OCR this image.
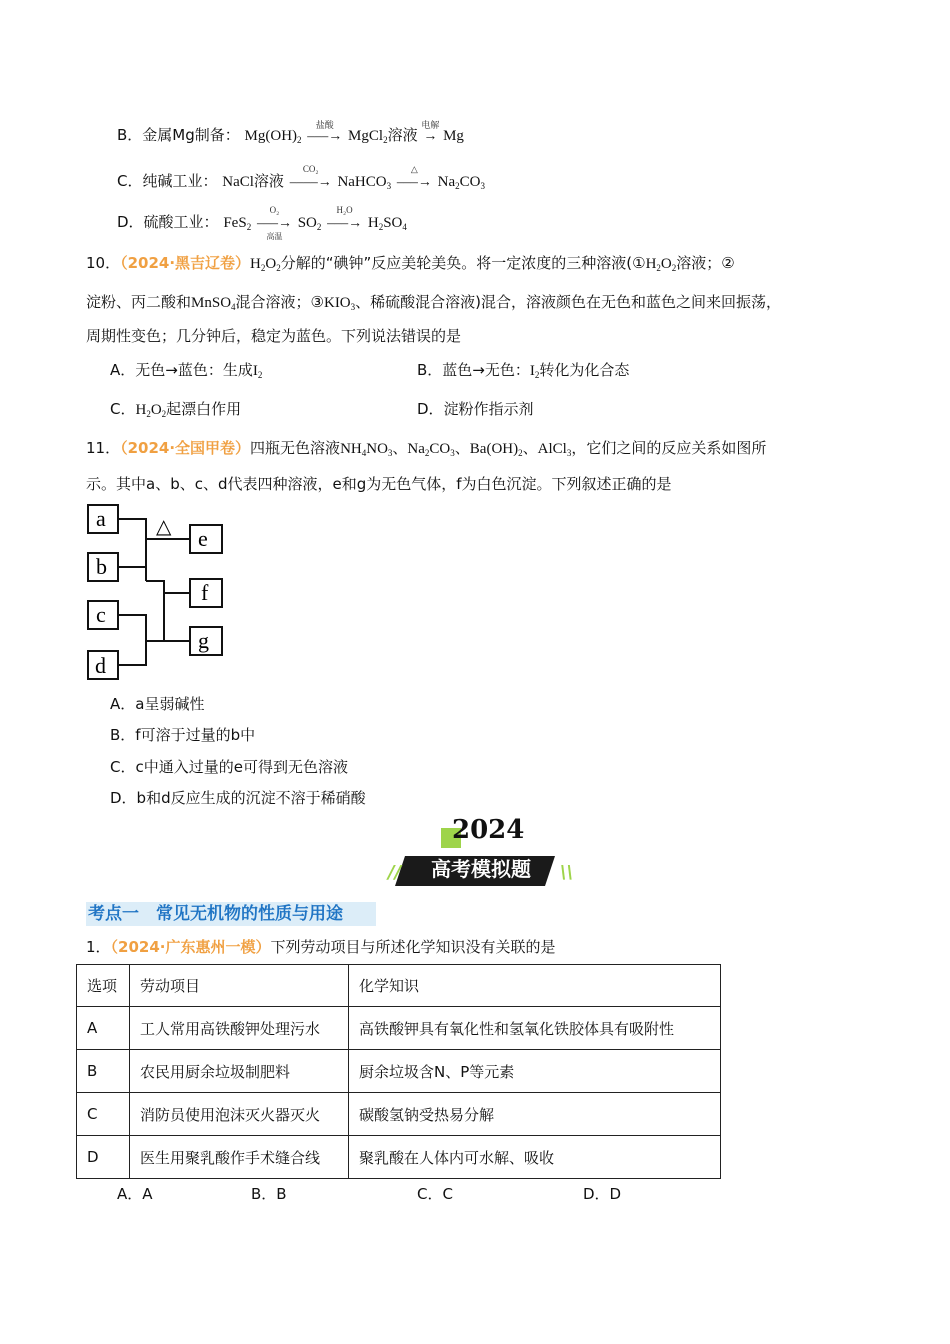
B．金属Mg制备： $Mg(OH)_2$
盐酸
–––→ MgCl$_2$溶液
电解
→ Mg
C．纯碱工业： NaCl溶液
CO₂
––––→ NaHCO$_3$
△
–––→ $Na_2CO_3$
D．硫酸工业： FeS$_2$
O₂
高温
–––→ $SO_2$
H₂O
–––→ $H_2SO_4$
10．（2024·黑吉辽卷）$H_2O_2$分解的“碘钟”反应美轮美奂。将一定浓度的三种溶液($①H_2O_2$溶液；②
淀粉、丙二酸和MnSO$_4$混合溶液；$③KIO_3$、稀硫酸混合溶液)混合，溶液颜色在无色和蓝色之间来回振荡，
周期性变色；几分钟后，稳定为蓝色。下列说法错误的是
A．无色→蓝色：生成$I_2$	B．蓝色→无色：$I_2$转化为化合态
C．$H_2O_2$起漂白作用	D．淀粉作指示剂
11．（2024·全国甲卷）四瓶无色溶液$NH_4NO_3$、$Na_2CO_3$、$Ba(OH)_2$、AlCl$_3$，它们之间的反应关系如图所
示。其中a、b、c、d代表四种溶液，e和g为无色气体，f为白色沉淀。下列叙述正确的是
a
b
c
d
e
f
g
△
A．a呈弱碱性
B．f可溶于过量的b中
C．c中通入过量的e可得到无色溶液
D．b和d反应生成的沉淀不溶于稀硝酸
2024
高考模拟题
//	\\
考点一　常见无机物的性质与用途
1．（2024·广东惠州一模）下列劳动项目与所述化学知识没有关联的是
选项	劳动项目	化学知识
A	工人常用高铁酸钾处理污水	高铁酸钾具有氧化性和氢氧化铁胶体具有吸附性
B	农民用厨余垃圾制肥料	厨余垃圾含N、P等元素
C	消防员使用泡沫灭火器灭火	碳酸氢钠受热易分解
D	医生用聚乳酸作手术缝合线	聚乳酸在人体内可水解、吸收
A．A	B．B	C．C	D．D
